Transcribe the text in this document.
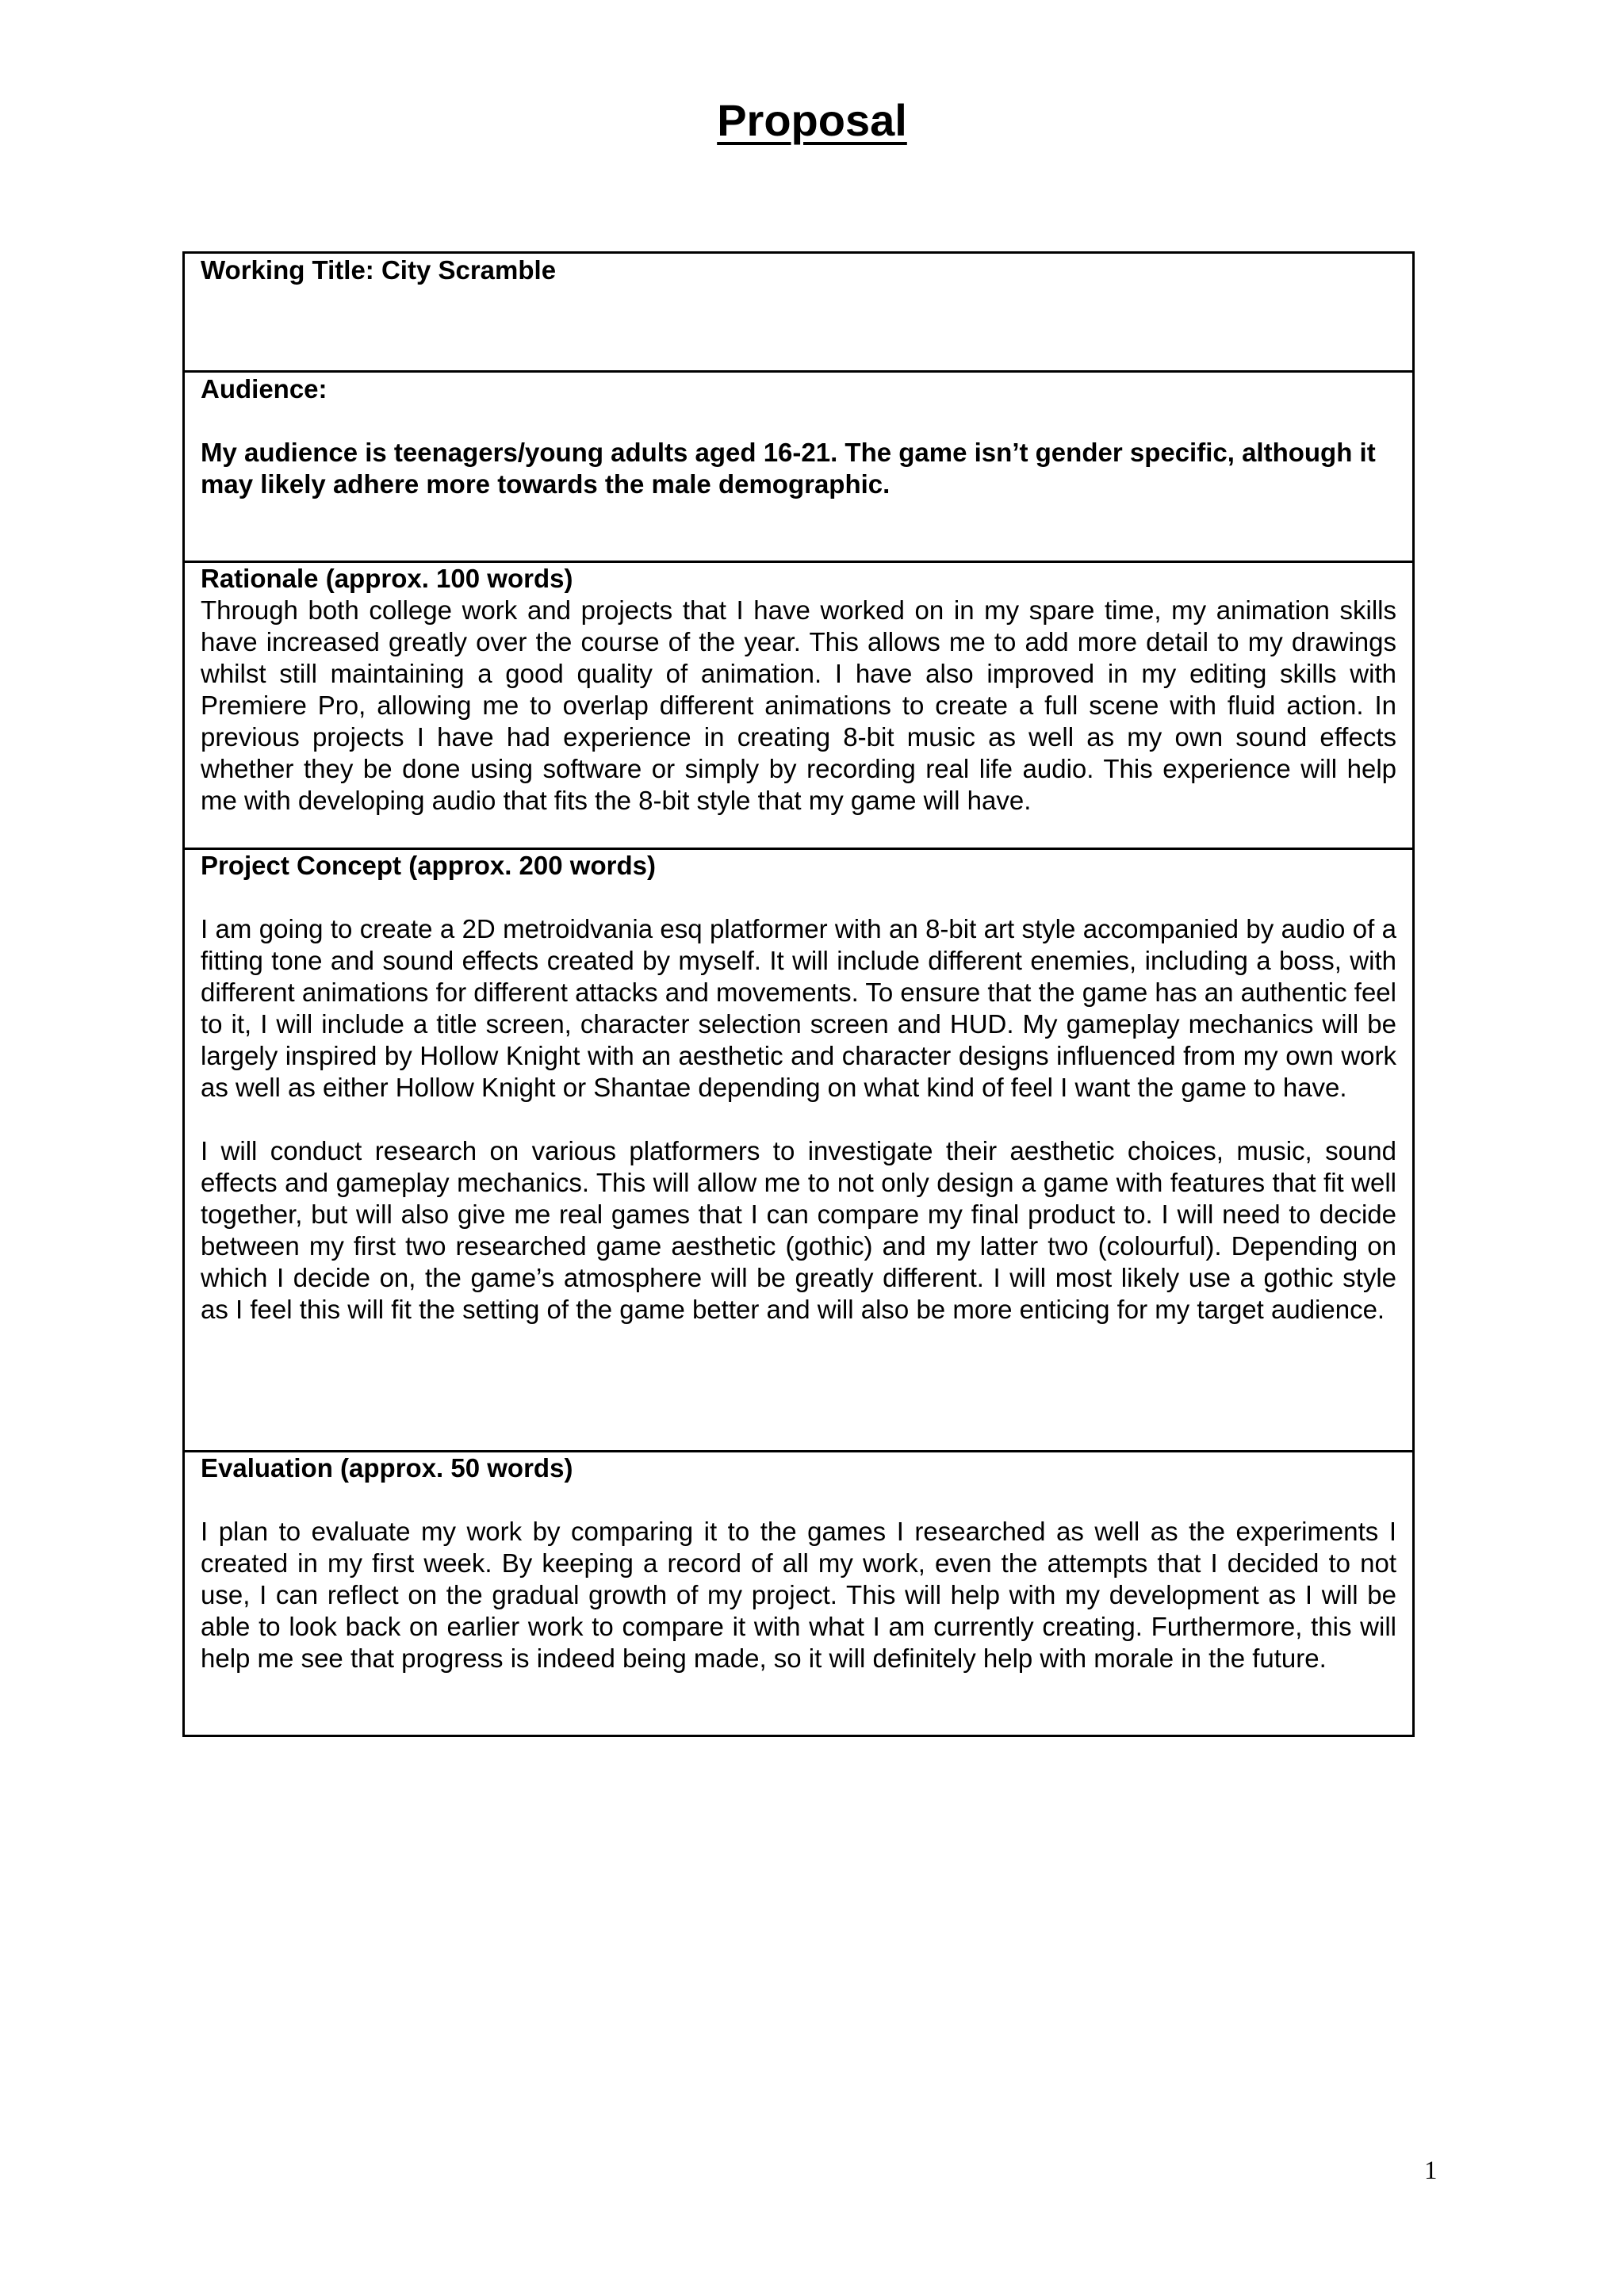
Proposal

Working Title: City Scramble

Audience:

My audience is teenagers/young adults aged 16-21. The game isn’t gender specific, although it may likely adhere more towards the male demographic.

Rationale (approx. 100 words)

Through both college work and projects that I have worked on in my spare time, my animation skills have increased greatly over the course of the year. This allows me to add more detail to my drawings whilst still maintaining a good quality of animation. I have also improved in my editing skills with Premiere Pro, allowing me to overlap different animations to create a full scene with fluid action. In previous projects I have had experience in creating 8-bit music as well as my own sound effects whether they be done using software or simply by recording real life audio. This experience will help me with developing audio that fits the 8-bit style that my game will have.

Project Concept (approx. 200 words)

I am going to create a 2D metroidvania esq platformer with an 8-bit art style accompanied by audio of a fitting tone and sound effects created by myself. It will include different enemies, including a boss, with different animations for different attacks and movements. To ensure that the game has an authentic feel to it, I will include a title screen, character selection screen and HUD. My gameplay mechanics will be largely inspired by Hollow Knight with an aesthetic and character designs influenced from my own work as well as either Hollow Knight or Shantae depending on what kind of feel I want the game to have.

I will conduct research on various platformers to investigate their aesthetic choices, music, sound effects and gameplay mechanics. This will allow me to not only design a game with features that fit well together, but will also give me real games that I can compare my final product to. I will need to decide between my first two researched game aesthetic (gothic) and my latter two (colourful). Depending on which I decide on, the game’s atmosphere will be greatly different. I will most likely use a gothic style as I feel this will fit the setting of the game better and will also be more enticing for my target audience.

Evaluation (approx. 50 words)

I plan to evaluate my work by comparing it to the games I researched as well as the experiments I created in my first week. By keeping a record of all my work, even the attempts that I decided to not use, I can reflect on the gradual growth of my project. This will help with my development as I will be able to look back on earlier work to compare it with what I am currently creating. Furthermore, this will help me see that progress is indeed being made, so it will definitely help with morale in the future.

1
